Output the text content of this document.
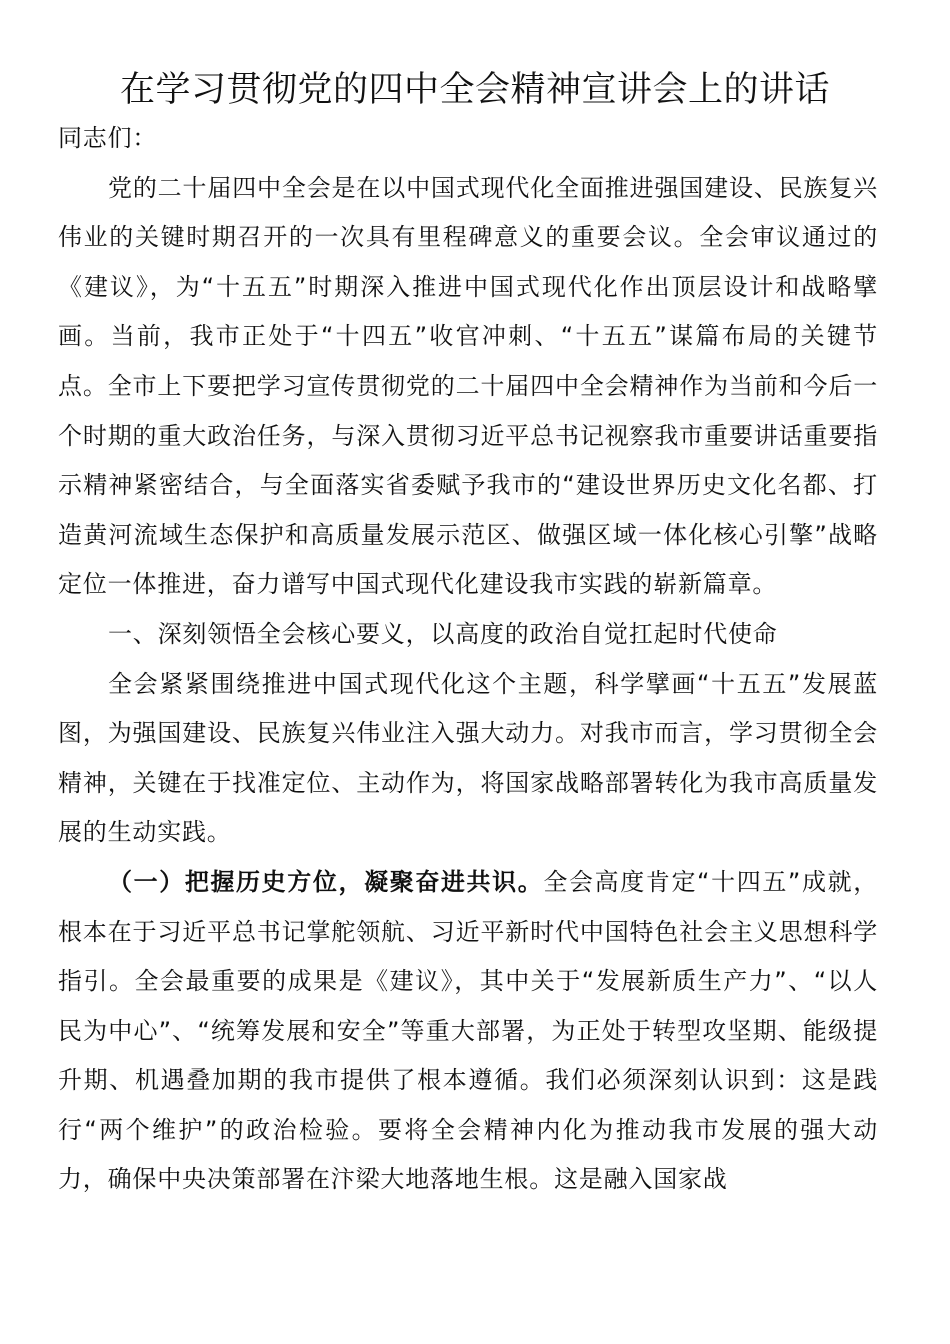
在学习贯彻党的四中全会精神宣讲会上的讲话

同志们：

党的二十届四中全会是在以中国式现代化全面推进强国建设、民族复兴伟业的关键时期召开的一次具有里程碑意义的重要会议。全会审议通过的《建议》，为“十五五”时期深入推进中国式现代化作出顶层设计和战略擘画。当前，我市正处于“十四五”收官冲刺、“十五五”谋篇布局的关键节点。全市上下要把学习宣传贯彻党的二十届四中全会精神作为当前和今后一个时期的重大政治任务，与深入贯彻习近平总书记视察我市重要讲话重要指示精神紧密结合，与全面落实省委赋予我市的“建设世界历史文化名都、打造黄河流域生态保护和高质量发展示范区、做强区域一体化核心引擎”战略定位一体推进，奋力谱写中国式现代化建设我市实践的崭新篇章。

一、深刻领悟全会核心要义，以高度的政治自觉扛起时代使命

全会紧紧围绕推进中国式现代化这个主题，科学擘画“十五五”发展蓝图，为强国建设、民族复兴伟业注入强大动力。对我市而言，学习贯彻全会精神，关键在于找准定位、主动作为，将国家战略部署转化为我市高质量发展的生动实践。

（一）把握历史方位，凝聚奋进共识。全会高度肯定“十四五”成就，根本在于习近平总书记掌舵领航、习近平新时代中国特色社会主义思想科学指引。全会最重要的成果是《建议》，其中关于“发展新质生产力”、“以人民为中心”、“统筹发展和安全”等重大部署，为正处于转型攻坚期、能级提升期、机遇叠加期的我市提供了根本遵循。我们必须深刻认识到：这是践行“两个维护”的政治检验。要将全会精神内化为推动我市发展的强大动力，确保中央决策部署在汴梁大地落地生根。这是融入国家战
